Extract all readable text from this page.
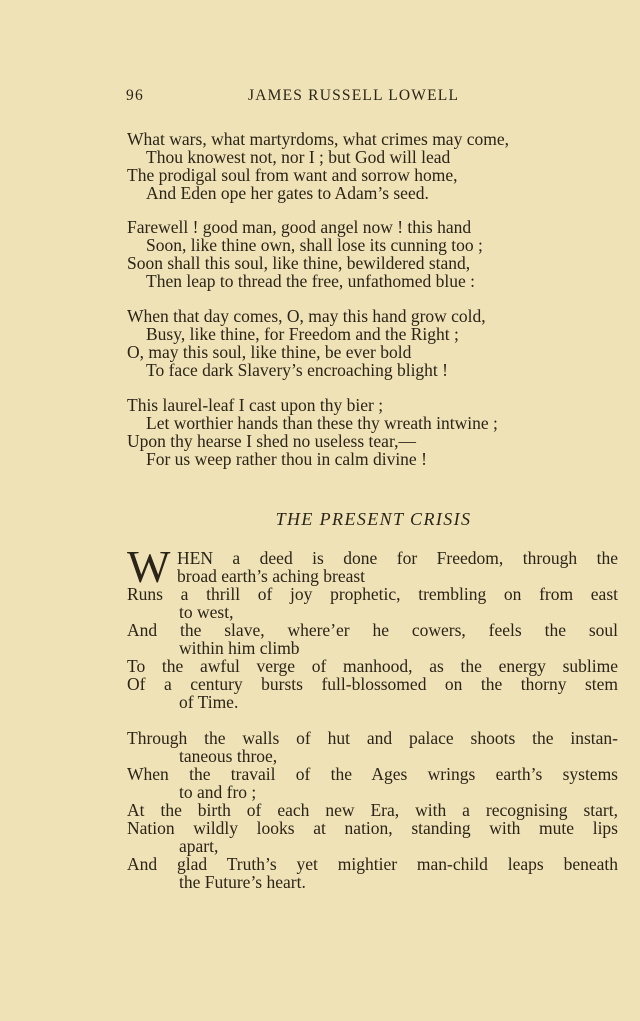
96	JAMES RUSSELL LOWELL
What wars, what martyrdoms, what crimes may come,
Thou knowest not, nor I ; but God will lead
The prodigal soul from want and sorrow home,
And Eden ope her gates to Adam’s seed.
Farewell ! good man, good angel now ! this hand
Soon, like thine own, shall lose its cunning too ;
Soon shall this soul, like thine, bewildered stand,
Then leap to thread the free, unfathomed blue :
When that day comes, O, may this hand grow cold,
Busy, like thine, for Freedom and the Right ;
O, may this soul, like thine, be ever bold
To face dark Slavery’s encroaching blight !
This laurel-leaf I cast upon thy bier ;
Let worthier hands than these thy wreath intwine ;
Upon thy hearse I shed no useless tear,—
For us weep rather thou in calm divine !
THE PRESENT CRISIS
W HEN a deed is done for Freedom, through the
broad earth’s aching breast
Runs a thrill of joy prophetic, trembling on from east
to west,
And the slave, where’er he cowers, feels the soul
within him climb
To the awful verge of manhood, as the energy sublime
Of a century bursts full-blossomed on the thorny stem
of Time.
Through the walls of hut and palace shoots the instan-
taneous throe,
When the travail of the Ages wrings earth’s systems
to and fro ;
At the birth of each new Era, with a recognising start,
Nation wildly looks at nation, standing with mute lips
apart,
And glad Truth’s yet mightier man-child leaps beneath
the Future’s heart.
